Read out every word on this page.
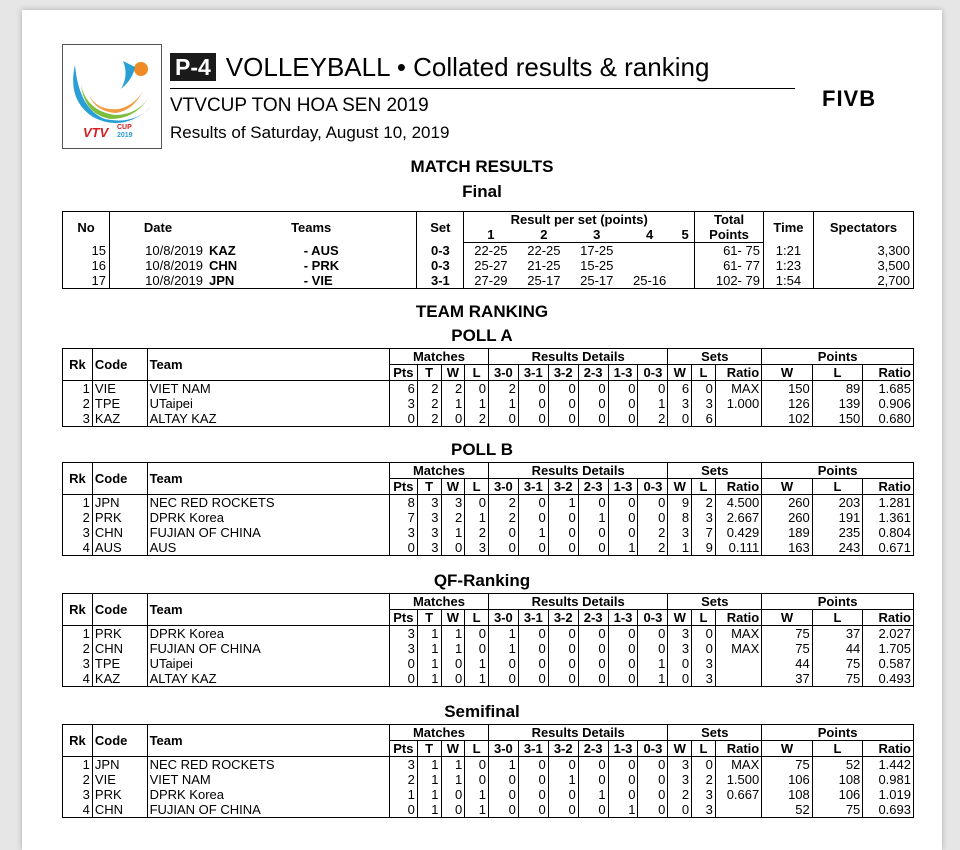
VTV CUP
2019
P-4 VOLLEYBALL • Collated results & ranking
VTVCUP TON HOA SEN 2019
Results of Saturday, August 10, 2019
FIVB
MATCH RESULTS
Final
No	Date	Teams		Set	Result per set (points)					Total	Time	Spectators
					1	2	3	4	5	Points		
15	10/8/2019	KAZ	- AUS	0-3	22-25	22-25	17-25			61- 75	1:21	3,300
16	10/8/2019	CHN	- PRK	0-3	25-27	21-25	15-25			61- 77	1:23	3,500
17	10/8/2019	JPN	- VIE	3-1	27-29	25-17	25-17	25-16		102- 79	1:54	2,700
TEAM RANKING
POLL A
Rk	Code	Team	Matches				Results Details						Sets			Points		
			Pts	T	W	L	3-0	3-1	3-2	2-3	1-3	0-3	W	L	Ratio	W	L	Ratio
1	VIE	VIET NAM	6	2	2	0	2	0	0	0	0	0	6	0	MAX	150	89	1.685
2	TPE	UTaipei	3	2	1	1	1	0	0	0	0	1	3	3	1.000	126	139	0.906
3	KAZ	ALTAY KAZ	0	2	0	2	0	0	0	0	0	2	0	6		102	150	0.680
POLL B
Rk	Code	Team	Matches				Results Details						Sets			Points		
			Pts	T	W	L	3-0	3-1	3-2	2-3	1-3	0-3	W	L	Ratio	W	L	Ratio
1	JPN	NEC RED ROCKETS	8	3	3	0	2	0	1	0	0	0	9	2	4.500	260	203	1.281
2	PRK	DPRK Korea	7	3	2	1	2	0	0	1	0	0	8	3	2.667	260	191	1.361
3	CHN	FUJIAN OF CHINA	3	3	1	2	0	1	0	0	0	2	3	7	0.429	189	235	0.804
4	AUS	AUS	0	3	0	3	0	0	0	0	1	2	1	9	0.111	163	243	0.671
QF-Ranking
Rk	Code	Team	Matches				Results Details						Sets			Points		
			Pts	T	W	L	3-0	3-1	3-2	2-3	1-3	0-3	W	L	Ratio	W	L	Ratio
1	PRK	DPRK Korea	3	1	1	0	1	0	0	0	0	0	3	0	MAX	75	37	2.027
2	CHN	FUJIAN OF CHINA	3	1	1	0	1	0	0	0	0	0	3	0	MAX	75	44	1.705
3	TPE	UTaipei	0	1	0	1	0	0	0	0	0	1	0	3		44	75	0.587
4	KAZ	ALTAY KAZ	0	1	0	1	0	0	0	0	0	1	0	3		37	75	0.493
Semifinal
Rk	Code	Team	Matches				Results Details						Sets			Points		
			Pts	T	W	L	3-0	3-1	3-2	2-3	1-3	0-3	W	L	Ratio	W	L	Ratio
1	JPN	NEC RED ROCKETS	3	1	1	0	1	0	0	0	0	0	3	0	MAX	75	52	1.442
2	VIE	VIET NAM	2	1	1	0	0	0	1	0	0	0	3	2	1.500	106	108	0.981
3	PRK	DPRK Korea	1	1	0	1	0	0	0	1	0	0	2	3	0.667	108	106	1.019
4	CHN	FUJIAN OF CHINA	0	1	0	1	0	0	0	0	1	0	0	3		52	75	0.693
